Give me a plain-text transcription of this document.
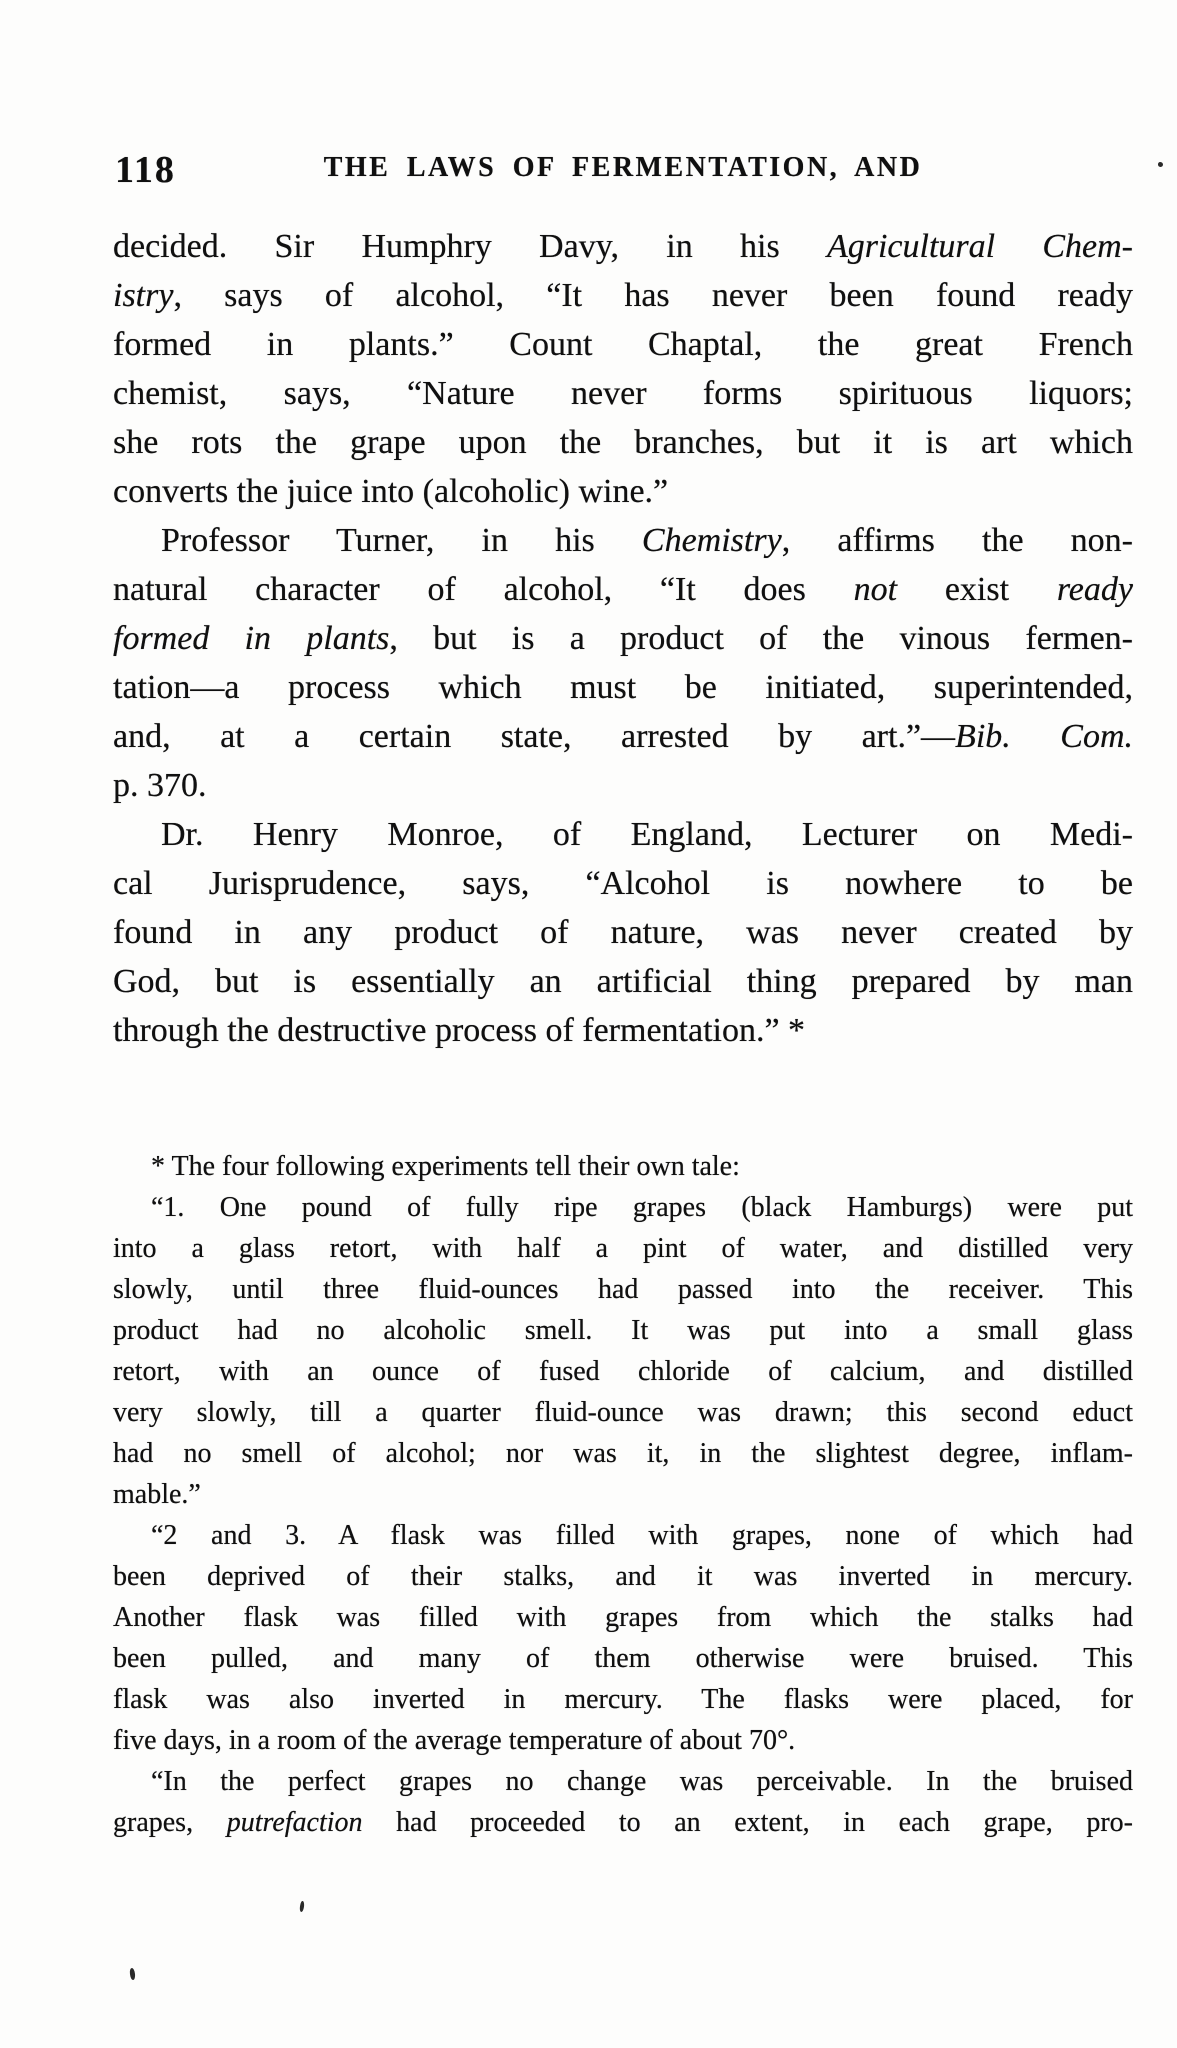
118	THE LAWS OF FERMENTATION, AND
decided. Sir Humphry Davy, in his Agricultural Chem-
istry, says of alcohol, “It has never been found ready
formed in plants.” Count Chaptal, the great French
chemist, says, “Nature never forms spirituous liquors;
she rots the grape upon the branches, but it is art which
converts the juice into (alcoholic) wine.”
Professor Turner, in his Chemistry, affirms the non-
natural character of alcohol, “It does not exist ready
formed in plants, but is a product of the vinous fermen-
tation—a process which must be initiated, superintended,
and, at a certain state, arrested by art.”—Bib. Com.
p. 370.
Dr. Henry Monroe, of England, Lecturer on Medi-
cal Jurisprudence, says, “Alcohol is nowhere to be
found in any product of nature, was never created by
God, but is essentially an artificial thing prepared by man
through the destructive process of fermentation.” *
* The four following experiments tell their own tale:
“1. One pound of fully ripe grapes (black Hamburgs) were put
into a glass retort, with half a pint of water, and distilled very
slowly, until three fluid-ounces had passed into the receiver. This
product had no alcoholic smell. It was put into a small glass
retort, with an ounce of fused chloride of calcium, and distilled
very slowly, till a quarter fluid-ounce was drawn; this second educt
had no smell of alcohol; nor was it, in the slightest degree, inflam-
mable.”
“2 and 3. A flask was filled with grapes, none of which had
been deprived of their stalks, and it was inverted in mercury.
Another flask was filled with grapes from which the stalks had
been pulled, and many of them otherwise were bruised. This
flask was also inverted in mercury. The flasks were placed, for
five days, in a room of the average temperature of about 70°.
“In the perfect grapes no change was perceivable. In the bruised
grapes, putrefaction had proceeded to an extent, in each grape, pro-
